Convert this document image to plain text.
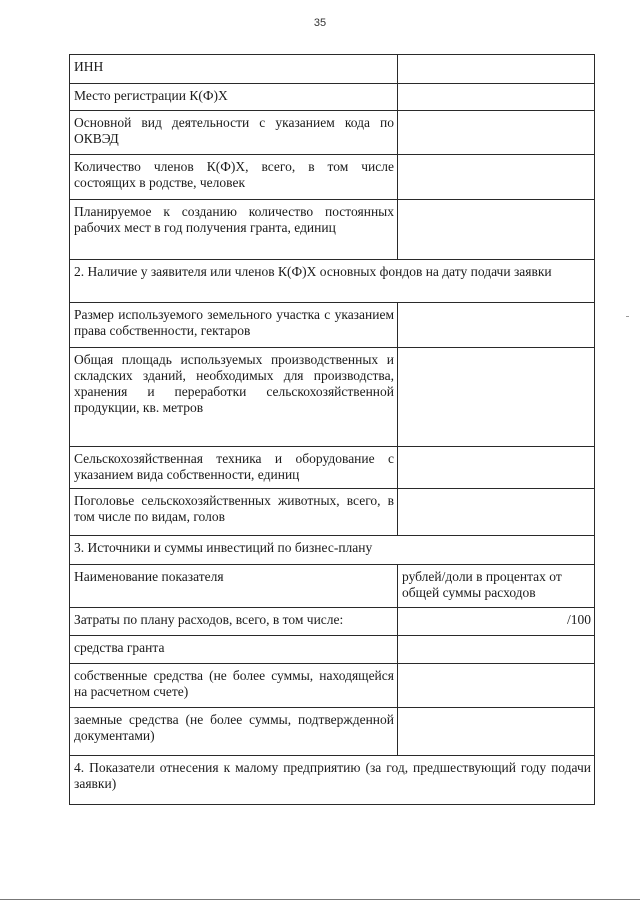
35
ИНН	
Место регистрации К(Ф)Х	
Основной вид деятельности с указанием кода по ОКВЭД	
Количество членов К(Ф)Х, всего, в том числе состоящих в родстве, человек	
Планируемое к созданию количество постоянных рабочих мест в год получения гранта, единиц	
2. Наличие у заявителя или членов К(Ф)Х основных фондов на дату подачи заявки	
Размер используемого земельного участка с указанием права собственности, гектаров	
Общая площадь используемых производственных и складских зданий, необходимых для производства, хранения и переработки сельскохозяйственной продукции, кв. метров	
Сельскохозяйственная техника и оборудование с указанием вида собственности, единиц	
Поголовье сельскохозяйственных животных, всего, в том числе по видам, голов	
3. Источники и суммы инвестиций по бизнес-плану	
Наименование показателя	рублей/доли в процентах от общей суммы расходов
Затраты по плану расходов, всего, в том числе:	/100
средства гранта	
собственные средства (не более суммы, находящейся на расчетном счете)	
заемные средства (не более суммы, подтвержденной документами)	
4. Показатели отнесения к малому предприятию (за год, предшествующий году подачи заявки)	
